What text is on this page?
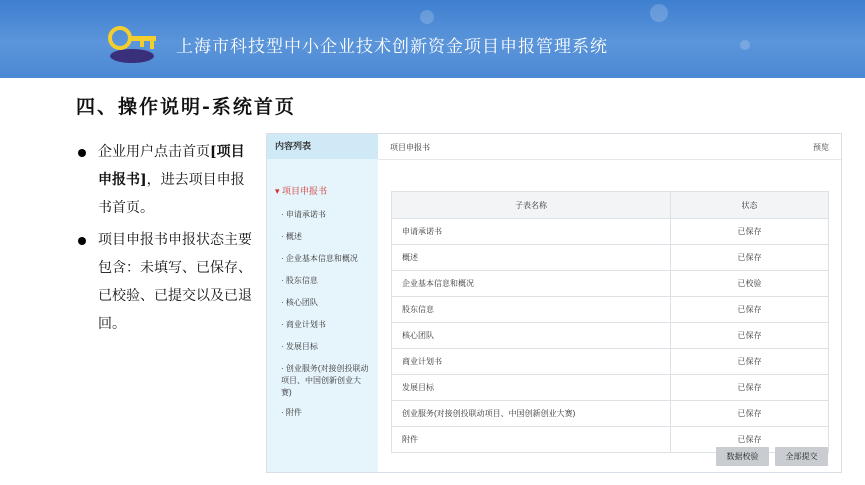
上海市科技型中小企业技术创新资金项目申报管理系统
四、操作说明-系统首页
企业用户点击首页[项目申报书]，进去项目申报书首页。
项目申报书申报状态主要包含：未填写、已保存、已校验、已提交以及已退回。
内容列表
▾ 项目申报书
· 申请承诺书
· 概述
· 企业基本信息和概况
· 股东信息
· 核心团队
· 商业计划书
· 发展目标
· 创业服务(对接创投联动项目、中国创新创业大赛)
· 附件
项目申报书	预览
子表名称	状态
申请承诺书	已保存
概述	已保存
企业基本信息和概况	已校验
股东信息	已保存
核心团队	已保存
商业计划书	已保存
发展目标	已保存
创业服务(对接创投联动项目、中国创新创业大赛)	已保存
附件	已保存
数据校验	全部提交
